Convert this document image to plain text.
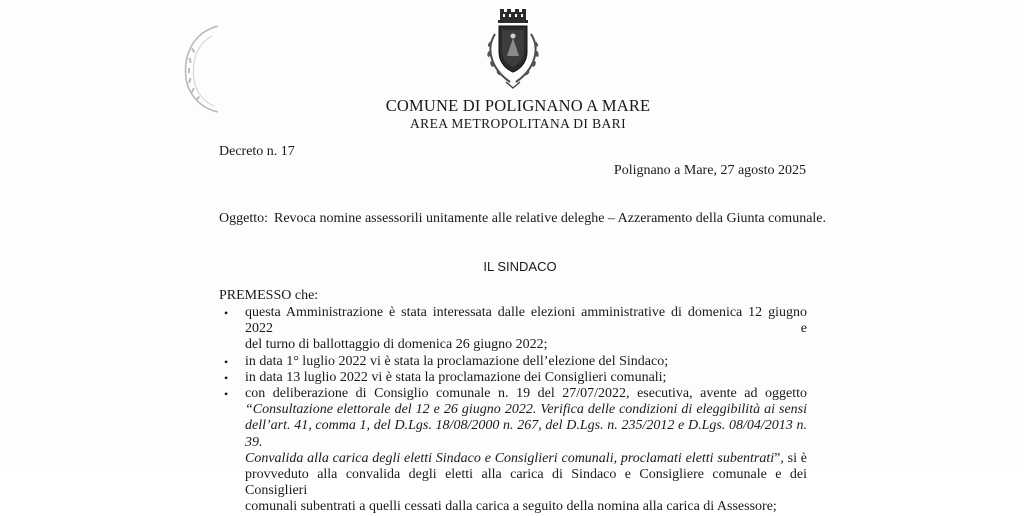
COMUNE DI POLIGNANO A MARE
AREA METROPOLITANA DI BARI
Decreto n. 17
Polignano a Mare, 27 agosto 2025
Oggetto: Revoca nomine assessorili unitamente alle relative deleghe – Azzeramento della Giunta comunale.
IL SINDACO
PREMESSO che:
• questa Amministrazione è stata interessata dalle elezioni amministrative di domenica 12 giugno 2022 e
del turno di ballottaggio di domenica 26 giugno 2022;
• in data 1° luglio 2022 vi è stata la proclamazione dell’elezione del Sindaco;
• in data 13 luglio 2022 vi è stata la proclamazione dei Consiglieri comunali;
• con deliberazione di Consiglio comunale n. 19 del 27/07/2022, esecutiva, avente ad oggetto
“Consultazione elettorale del 12 e 26 giugno 2022. Verifica delle condizioni di eleggibilità ai sensi
dell’art. 41, comma 1, del D.Lgs. 18/08/2000 n. 267, del D.Lgs. n. 235/2012 e D.Lgs. 08/04/2013 n. 39.
Convalida alla carica degli eletti Sindaco e Consiglieri comunali, proclamati eletti subentrati”, si è
provveduto alla convalida degli eletti alla carica di Sindaco e Consigliere comunale e dei Consiglieri
comunali subentrati a quelli cessati dalla carica a seguito della nomina alla carica di Assessore;
